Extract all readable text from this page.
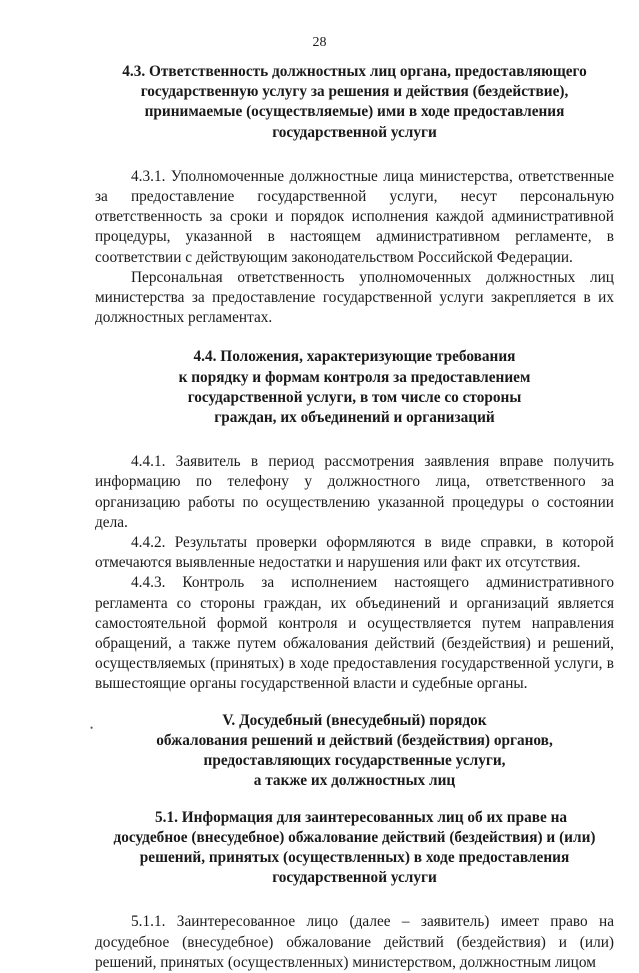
28
4.3. Ответственность должностных лиц органа, предоставляющего
государственную услугу за решения и действия (бездействие),
принимаемые (осуществляемые) ими в ходе предоставления
государственной услуги

4.3.1. Уполномоченные должностные лица министерства, ответственные за предоставление государственной услуги, несут персональную ответственность за сроки и порядок исполнения каждой административной процедуры, указанной в настоящем административном регламенте, в соответствии с действующим законодательством Российской Федерации.

Персональная ответственность уполномоченных должностных лиц министерства за предоставление государственной услуги закрепляется в их должностных регламентах.

4.4. Положения, характеризующие требования
к порядку и формам контроля за предоставлением
государственной услуги, в том числе со стороны
граждан, их объединений и организаций

4.4.1. Заявитель в период рассмотрения заявления вправе получить информацию по телефону у должностного лица, ответственного за организацию работы по осуществлению указанной процедуры о состоянии дела.

4.4.2. Результаты проверки оформляются в виде справки, в которой отмечаются выявленные недостатки и нарушения или факт их отсутствия.

4.4.3. Контроль за исполнением настоящего административного регламента со стороны граждан, их объединений и организаций является самостоятельной формой контроля и осуществляется путем направления обращений, а также путем обжалования действий (бездействия) и решений, осуществляемых (принятых) в ходе предоставления государственной услуги, в вышестоящие органы государственной власти и судебные органы.

V. Досудебный (внесудебный) порядок
обжалования решений и действий (бездействия) органов,
предоставляющих государственные услуги,
а также их должностных лиц
5.1. Информация для заинтересованных лиц об их праве на
досудебное (внесудебное) обжалование действий (бездействия) и (или)
решений, принятых (осуществленных) в ходе предоставления
государственной услуги

5.1.1. Заинтересованное лицо (далее – заявитель) имеет право на досудебное (внесудебное) обжалование действий (бездействия) и (или) решений, принятых (осуществленных) министерством, должностным лицом

•
